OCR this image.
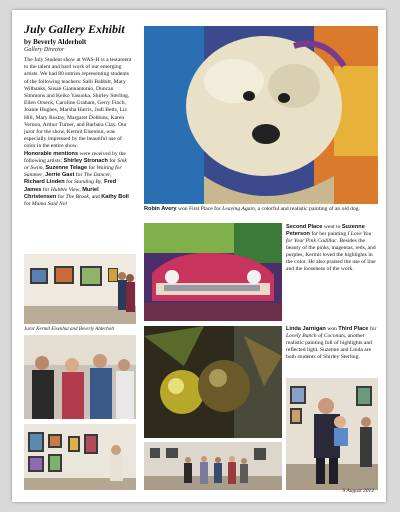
July Gallery Exhibit
by Beverly Alderholt
Gallery Director

The July Student show at WAS-H is a testament to the talent and hard work of our emerging artists. We had 80 entries representing students of the following teachers: Salli Babbitt, Mary Wilbanks, Susan Giannantonio, Duncan Simmons and Keiko Yasuoka, Shirley Sterling, Ellen Orseck, Caroline Graham, Gerry Finch, Joanie Hughes, Marsha Harris, Judi Betts, Liz Hill, Mary Rustay, Margaret Dobbins, Karen Vernon, Arthur Turner, and Barbara Clay. Our juror for the show, Kermit Eisenhut, was especially impressed by the beautiful use of color in the entire show.
Honorable mentions were received by the following artists: Shirley Stronach for Sink or Swim, Suzenne Telage for Waiting for Summer, Jerrie Gast for The Dancer, Richard Linden for Standing By, Fred James for Hubble View, Muriel Christensen for The Brook, and Kathy Boll for Mama Said No!

Robin Avery won First Place for Leaving Again, a colorful and realistic painting of an old dog.

Second Place went to Suzenne Peterson for her painting I Love You for Your Pink Cadillac. Besides the beauty of the pinks, magentas, reds, and purples, Kermit loved the highlights in the color. He also praised the use of line and the looseness of the work.

Juror Kermit Eisenhut and Beverly Alderholt	Linda Jarnigan won Third Place for Lovely Bunch of Coconuts, another realistic painting full of highlights and reflected light. Suzenne and Linda are both students of Shirley Sterling.

9 August 2012
